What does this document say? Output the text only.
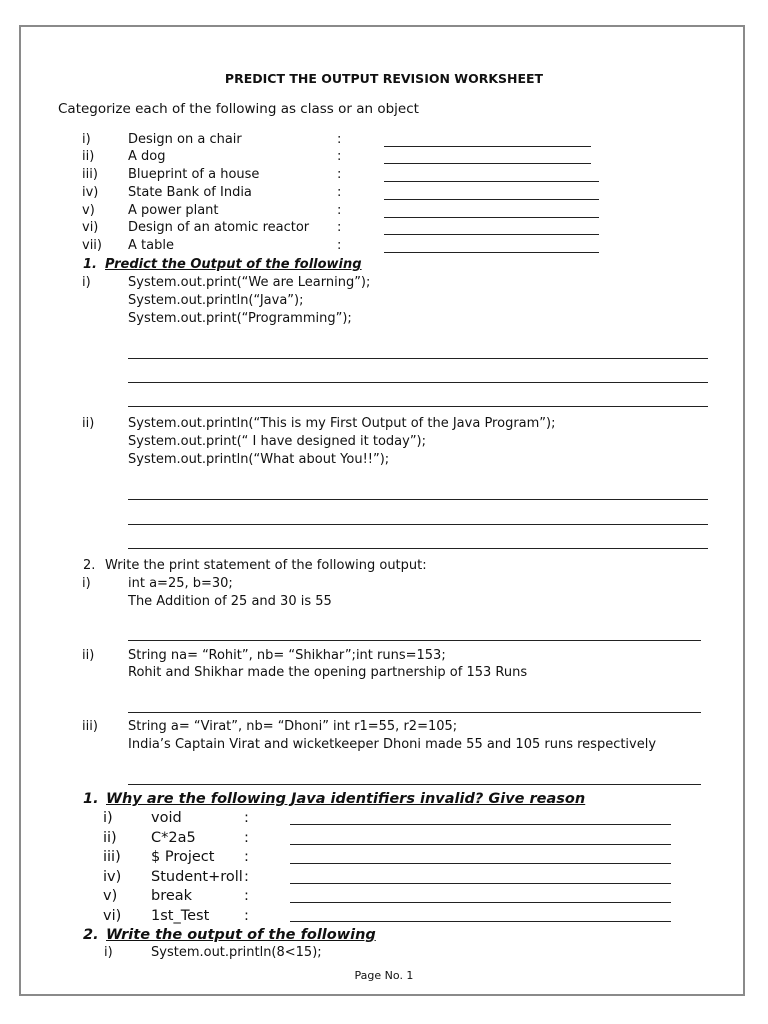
PREDICT THE OUTPUT REVISION WORKSHEET
Categorize each of the following as class or an object
i)	Design on a chair	:
ii)	A dog	:
iii) Blueprint of a house	:
iv) State Bank of India	:
v)	A power plant	:
vi) Design of an atomic reactor :
vii) A table	:
1. Predict the Output of the following
i)	System.out.print(“We are Learning”);
System.out.println(“Java”);
System.out.print(“Programming”);
ii)	System.out.println(“This is my First Output of the Java Program”);
System.out.print(“ I have designed it today”);
System.out.println(“What about You!!”);
2. Write the print statement of the following output:
i)	int a=25, b=30;
The Addition of 25 and 30 is 55
ii)	String na= “Rohit”, nb= “Shikhar”;int runs=153;
Rohit and Shikhar made the opening partnership of 153 Runs
iii) String a= “Virat”, nb= “Dhoni” int r1=55, r2=105;
India’s Captain Virat and wicketkeeper Dhoni made 55 and 105 runs respectively
1. Why are the following Java identifiers invalid? Give reason
i)	void	:
ii) C*2a5	:
iii) $ Project :
iv) Student+roll :
v) break	:
vi) 1st_Test :
2. Write the output of the following
i)	System.out.println(8<15);
Page No. 1
